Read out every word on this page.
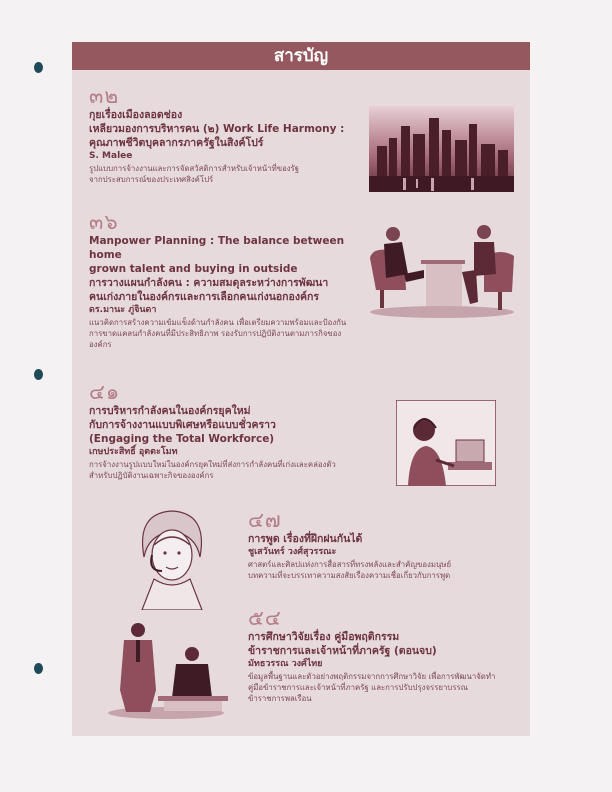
สารบัญ
๓๒
กุยเรื่องเมืองลอดช่อง
เหลียวมองการบริหารคน (๒) Work Life Harmony :
คุณภาพชีวิตบุคลากรภาครัฐในสิงค์โปร์
S. Malee
รูปแบบการจ้างงานและการจัดสวัสดิการสำหรับเจ้าหน้าที่ของรัฐ
จากประสบการณ์ของประเทศสิงค์โปร์
๓๖
Manpower Planning : The balance between home
grown talent and buying in outside
การวางแผนกำลังคน : ความสมดุลระหว่างการพัฒนา
คนเก่งภายในองค์กรและการเลือกคนเก่งนอกองค์กร
ดร.มานะ ภู่จินดา
แนวคิดการสร้างความเข้มแข็งด้านกำลังคน เพื่อเตรียมความพร้อมและป้องกัน
การขาดแคลนกำลังคนที่มีประสิทธิภาพ รองรับการปฏิบัติงานตามภารกิจของ
องค์กร
๔๑
การบริหารกำลังคนในองค์กรยุคใหม่
กับการจ้างงานแบบพิเศษหรือแบบชั่วคราว
(Engaging the Total Workforce)
เกษประสิทธิ์ อุตตะโมท
การจ้างงานรูปแบบใหม่ในองค์กรยุคใหม่ที่ส่งการกำลังคนที่เก่งและคล่องตัว
สำหรับปฏิบัติงานเฉพาะกิจขององค์กร
๔๗
การพูด เรื่องที่ฝึกฝนกันได้
ชูเสวันทร์ วงศ์สุวรรณะ
ศาสตร์และศิลปแห่งการสื่อสารที่ทรงพลังและสำคัญของมนุษย์
บทความที่จะบรรเทาความสงสัยเรื่องความเชื่อเกี่ยวกับการพูด
๕๔
การศึกษาวิจัยเรื่อง คู่มือพฤติกรรม
ข้าราชการและเจ้าหน้าที่ภาครัฐ (ตอนจบ)
มัทธวรรณ วงศ์ไทย
ข้อมูลพื้นฐานและตัวอย่างพฤติกรรมจากการศึกษาวิจัย เพื่อการพัฒนาจัดทำ
คู่มือข้าราชการและเจ้าหน้าที่ภาครัฐ และการปรับปรุงจรรยาบรรณ
ข้าราชการพลเรือน
